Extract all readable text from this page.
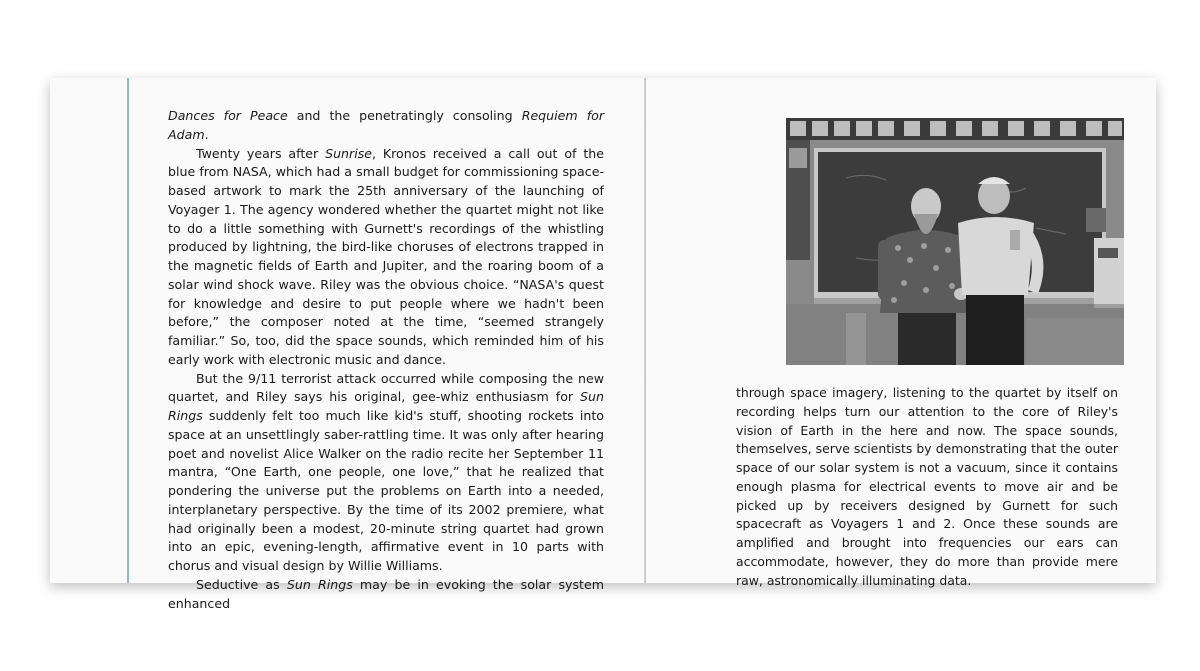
Dances for Peace and the penetratingly consoling Requiem for Adam.

Twenty years after Sunrise, Kronos received a call out of the blue from NASA, which had a small budget for commissioning space-based artwork to mark the 25th anniversary of the launching of Voyager 1. The agency wondered whether the quartet might not like to do a little something with Gurnett's recordings of the whistling produced by lightning, the bird-like choruses of electrons trapped in the magnetic fields of Earth and Jupiter, and the roaring boom of a solar wind shock wave. Riley was the obvious choice. “NASA's quest for knowledge and desire to put people where we hadn't been before,” the composer noted at the time, “seemed strangely familiar.” So, too, did the space sounds, which reminded him of his early work with electronic music and dance.

But the 9/11 terrorist attack occurred while composing the new quartet, and Riley says his original, gee-whiz enthusiasm for Sun Rings suddenly felt too much like kid's stuff, shooting rockets into space at an unsettlingly saber-rattling time. It was only after hearing poet and novelist Alice Walker on the radio recite her September 11 mantra, “One Earth, one people, one love,” that he realized that pondering the universe put the problems on Earth into a needed, interplanetary perspective. By the time of its 2002 premiere, what had originally been a modest, 20-minute string quartet had grown into an epic, evening-length, affirmative event in 10 parts with chorus and visual design by Willie Williams.

Seductive as Sun Rings may be in evoking the solar system enhanced

through space imagery, listening to the quartet by itself on recording helps turn our attention to the core of Riley's vision of Earth in the here and now. The space sounds, themselves, serve scientists by demonstrating that the outer space of our solar system is not a vacuum, since it contains enough plasma for electrical events to move air and be picked up by receivers designed by Gurnett for such spacecraft as Voyagers 1 and 2. Once these sounds are amplified and brought into frequencies our ears can accommodate, however, they do more than provide mere raw, astronomically illuminating data.
